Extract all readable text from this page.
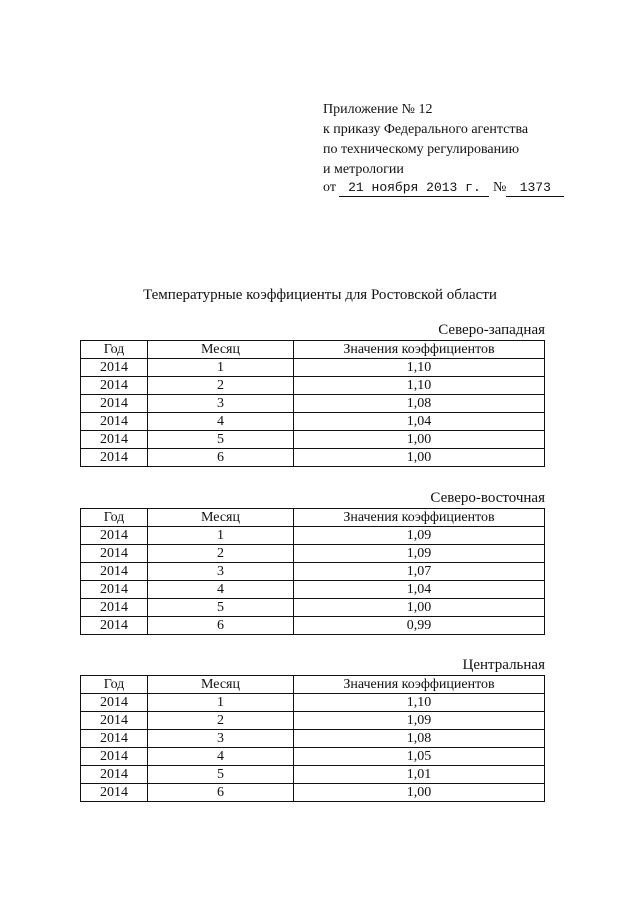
Приложение № 12
к приказу Федерального агентства
по техническому регулированию
и метрологии
от 21 ноября 2013 г. № 1373
Температурные коэффициенты для Ростовской области
Северо-западная
Год	Месяц	Значения коэффициентов
2014	1	1,10
2014	2	1,10
2014	3	1,08
2014	4	1,04
2014	5	1,00
2014	6	1,00
Северо-восточная
Год	Месяц	Значения коэффициентов
2014	1	1,09
2014	2	1,09
2014	3	1,07
2014	4	1,04
2014	5	1,00
2014	6	0,99
Центральная
Год	Месяц	Значения коэффициентов
2014	1	1,10
2014	2	1,09
2014	3	1,08
2014	4	1,05
2014	5	1,01
2014	6	1,00
